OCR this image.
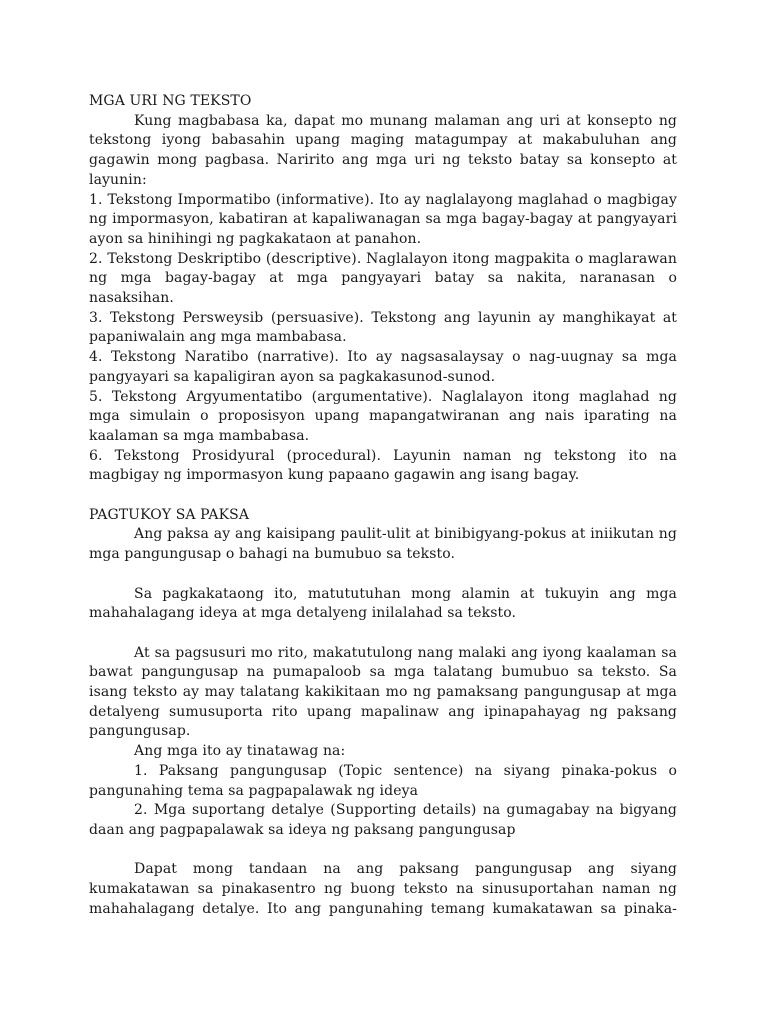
MGA URI NG TEKSTO

Kung magbabasa ka, dapat mo munang malaman ang uri at konsepto ng tekstong iyong babasahin upang maging matagumpay at makabuluhan ang gagawin mong pagbasa. Naririto ang mga uri ng teksto batay sa konsepto at layunin:

1. Tekstong Impormatibo (informative). Ito ay naglalayong maglahad o magbigay ng impormasyon, kabatiran at kapaliwanagan sa mga bagay-bagay at pangyayari ayon sa hinihingi ng pagkakataon at panahon.

2. Tekstong Deskriptibo (descriptive). Naglalayon itong magpakita o maglarawan ng mga bagay-bagay at mga pangyayari batay sa nakita, naranasan o nasaksihan.

3. Tekstong Persweysib (persuasive). Tekstong ang layunin ay manghikayat at papaniwalain ang mga mambabasa.

4. Tekstong Naratibo (narrative). Ito ay nagsasalaysay o nag-uugnay sa mga pangyayari sa kapaligiran ayon sa pagkakasunod-sunod.

5. Tekstong Argyumentatibo (argumentative). Naglalayon itong maglahad ng mga simulain o proposisyon upang mapangatwiranan ang nais iparating na kaalaman sa mga mambabasa.

6. Tekstong Prosidyural (procedural). Layunin naman ng tekstong ito na magbigay ng impormasyon kung papaano gagawin ang isang bagay.

PAGTUKOY SA PAKSA

Ang paksa ay ang kaisipang paulit-ulit at binibigyang-pokus at iniikutan ng mga pangungusap o bahagi na bumubuo sa teksto.

Sa pagkakataong ito, matututuhan mong alamin at tukuyin ang mga mahahalagang ideya at mga detalyeng inilalahad sa teksto.

At sa pagsusuri mo rito, makatutulong nang malaki ang iyong kaalaman sa bawat pangungusap na pumapaloob sa mga talatang bumubuo sa teksto. Sa isang teksto ay may talatang kakikitaan mo ng pamaksang pangungusap at mga detalyeng sumusuporta rito upang mapalinaw ang ipinapahayag ng paksang pangungusap.

Ang mga ito ay tinatawag na:

1. Paksang pangungusap (Topic sentence) na siyang pinaka-pokus o pangunahing tema sa pagpapalawak ng ideya

2. Mga suportang detalye (Supporting details) na gumagabay na bigyang daan ang pagpapalawak sa ideya ng paksang pangungusap

Dapat mong tandaan na ang paksang pangungusap ang siyang kumakatawan sa pinakasentro ng buong teksto na sinusuportahan naman ng mahahalagang detalye. Ito ang pangunahing temang kumakatawan sa pinaka-
